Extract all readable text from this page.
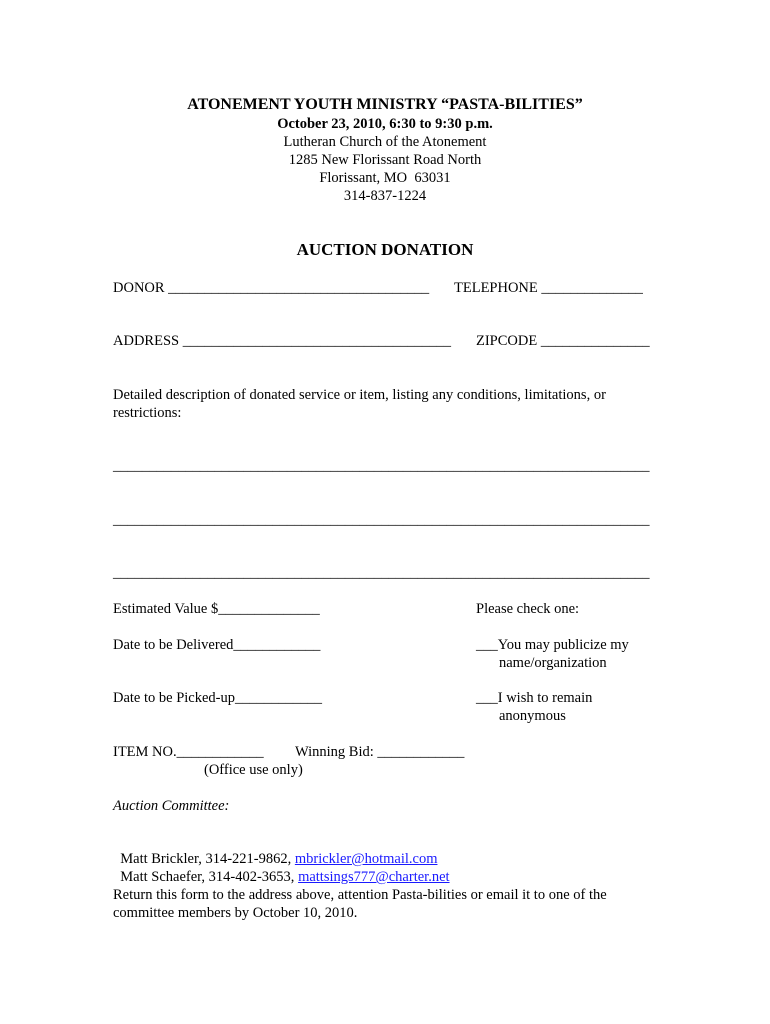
ATONEMENT YOUTH MINISTRY “PASTA-BILITIES”
October 23, 2010, 6:30 to 9:30 p.m.
Lutheran Church of the Atonement
1285 New Florissant Road North
Florissant, MO  63031
314-837-1224
AUCTION DONATION
DONOR ____________________________________ TELEPHONE ______________
ADDRESS _____________________________________ ZIPCODE _______________
Detailed description of donated service or item, listing any conditions, limitations, or restrictions:
__________________________________________________________________________
__________________________________________________________________________
__________________________________________________________________________
Estimated Value $______________	Please check one:
Date to be Delivered____________	___You may publicize my
name/organization
Date to be Picked-up____________	___I wish to remain
anonymous
ITEM NO.____________ Winning Bid: ____________
(Office use only)
Auction Committee:

Matt Brickler, 314-221-9862, mbrickler@hotmail.com

Matt Schaefer, 314-402-3653, mattsings777@charter.net

Return this form to the address above, attention Pasta-bilities or email it to one of the committee members by October 10, 2010.
